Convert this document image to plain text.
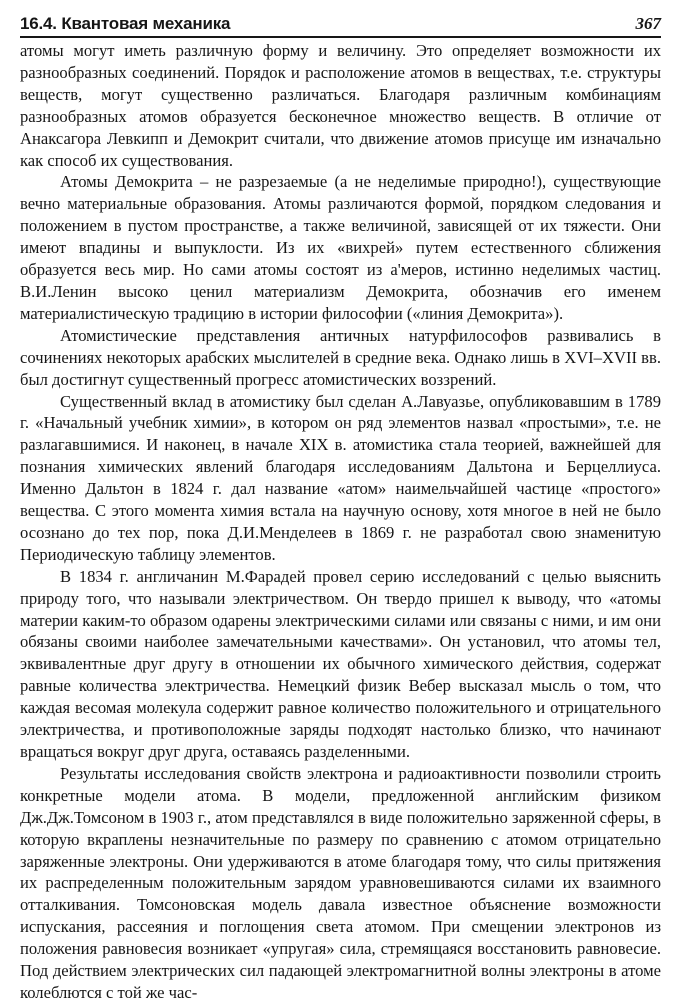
16.4. Квантовая механика	367

атомы могут иметь различную форму и величину. Это определяет возможности их разнообразных соединений. Порядок и расположение атомов в веществах, т.е. структуры веществ, могут существенно различаться. Благодаря различным комбинациям разнообразных атомов образуется бесконечное множество веществ. В отличие от Анаксагора Левкипп и Демокрит считали, что движение атомов присуще им изначально как способ их существования.

Атомы Демокрита – не разрезаемые (а не неделимые природно!), существующие вечно материальные образования. Атомы различаются формой, порядком следования и положением в пустом пространстве, а также величиной, зависящей от их тяжести. Они имеют впадины и выпуклости. Из их «вихрей» путем естественного сближения образуется весь мир. Но сами атомы состоят из а'меров, истинно неделимых частиц. В.И.Ленин высоко ценил материализм Демокрита, обозначив его именем материалистическую традицию в истории философии («линия Демокрита»).

Атомистические представления античных натурфилософов развивались в сочинениях некоторых арабских мыслителей в средние века. Однако лишь в XVI–XVII вв. был достигнут существенный прогресс атомистических воззрений.

Существенный вклад в атомистику был сделан А.Лавуазье, опубликовавшим в 1789 г. «Начальный учебник химии», в котором он ряд элементов назвал «простыми», т.е. не разлагавшимися. И наконец, в начале XIX в. атомистика стала теорией, важнейшей для познания химических явлений благодаря исследованиям Дальтона и Берцеллиуса. Именно Дальтон в 1824 г. дал название «атом» наимельчайшей частице «простого» вещества. С этого момента химия встала на научную основу, хотя многое в ней не было осознано до тех пор, пока Д.И.Менделеев в 1869 г. не разработал свою знаменитую Периодическую таблицу элементов.

В 1834 г. англичанин М.Фарадей провел серию исследований с целью выяснить природу того, что называли электричеством. Он твердо пришел к выводу, что «атомы материи каким-то образом одарены электрическими силами или связаны с ними, и им они обязаны своими наиболее замечательными качествами». Он установил, что атомы тел, эквивалентные друг другу в отношении их обычного химического действия, содержат равные количества электричества. Немецкий физик Вебер высказал мысль о том, что каждая весомая молекула содержит равное количество положительного и отрицательного электричества, и противоположные заряды подходят настолько близко, что начинают вращаться вокруг друг друга, оставаясь разделенными.

Результаты исследования свойств электрона и радиоактивности позволили строить конкретные модели атома. В модели, предложенной английским физиком Дж.Дж.Томсоном в 1903 г., атом представлялся в виде положительно заряженной сферы, в которую вкраплены незначительные по размеру по сравнению с атомом отрицательно заряженные электроны. Они удерживаются в атоме благодаря тому, что силы притяжения их распределенным положительным зарядом уравновешиваются силами их взаимного отталкивания. Томсоновская модель давала известное объяснение возможности испускания, рассеяния и поглощения света атомом. При смещении электронов из положения равновесия возникает «упругая» сила, стремящаяся восстановить равновесие. Под действием электрических сил падающей электромагнитной волны электроны в атоме колеблются с той же час-
